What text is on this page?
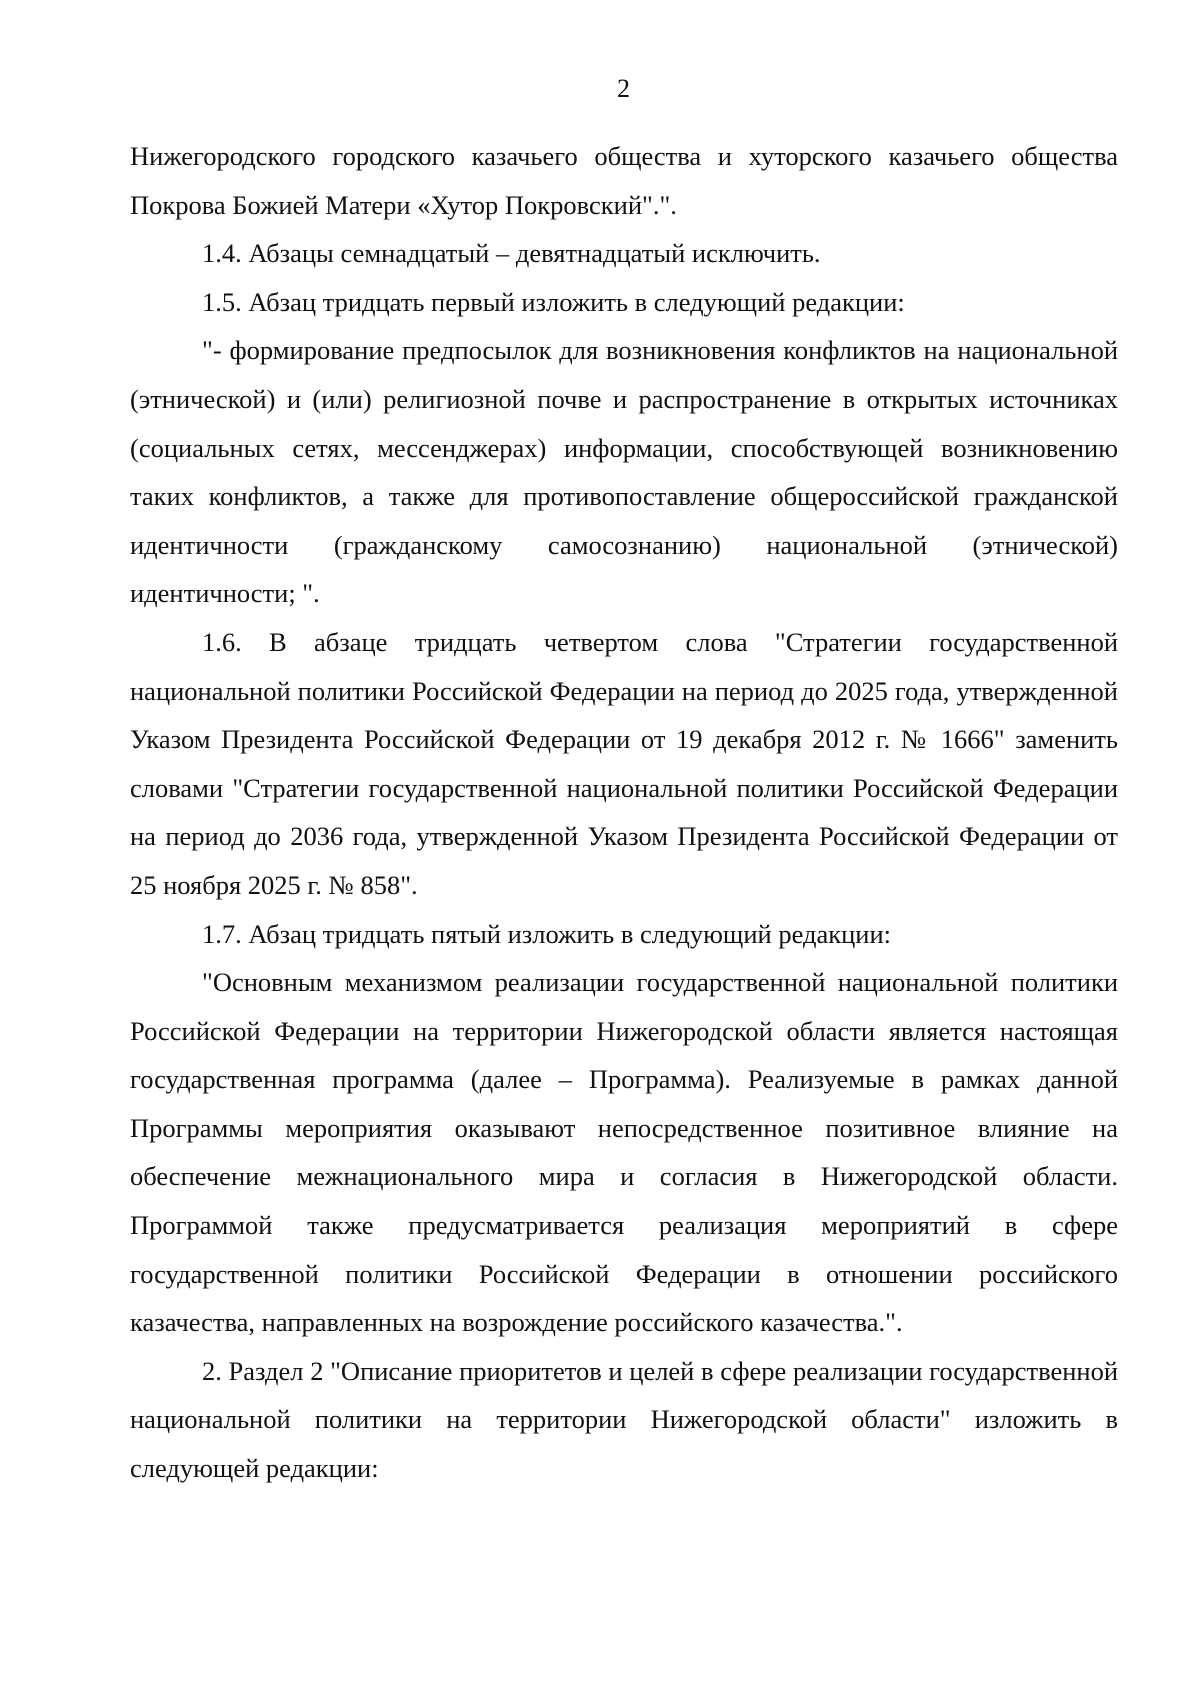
2

Нижегородского городского казачьего общества и хуторского казачьего общества Покрова Божией Матери «Хутор Покровский".".

1.4. Абзацы семнадцатый – девятнадцатый исключить.

1.5. Абзац тридцать первый изложить в следующий редакции:

"- формирование предпосылок для возникновения конфликтов на национальной (этнической) и (или) религиозной почве и распространение в открытых источниках (социальных сетях, мессенджерах) информации, способствующей возникновению таких конфликтов, а также для противопоставление общероссийской гражданской идентичности (гражданскому самосознанию) национальной (этнической) идентичности; ".

1.6. В абзаце тридцать четвертом слова "Стратегии государственной национальной политики Российской Федерации на период до 2025 года, утвержденной Указом Президента Российской Федерации от 19 декабря 2012 г. № 1666" заменить словами "Стратегии государственной национальной политики Российской Федерации на период до 2036 года, утвержденной Указом Президента Российской Федерации от 25 ноября 2025 г. № 858".

1.7. Абзац тридцать пятый изложить в следующий редакции:

"Основным механизмом реализации государственной национальной политики Российской Федерации на территории Нижегородской области является настоящая государственная программа (далее – Программа). Реализуемые в рамках данной Программы мероприятия оказывают непосредственное позитивное влияние на обеспечение межнационального мира и согласия в Нижегородской области. Программой также предусматривается реализация мероприятий в сфере государственной политики Российской Федерации в отношении российского казачества, направленных на возрождение российского казачества.".

2. Раздел 2 "Описание приоритетов и целей в сфере реализации государственной национальной политики на территории Нижегородской области" изложить в следующей редакции:
